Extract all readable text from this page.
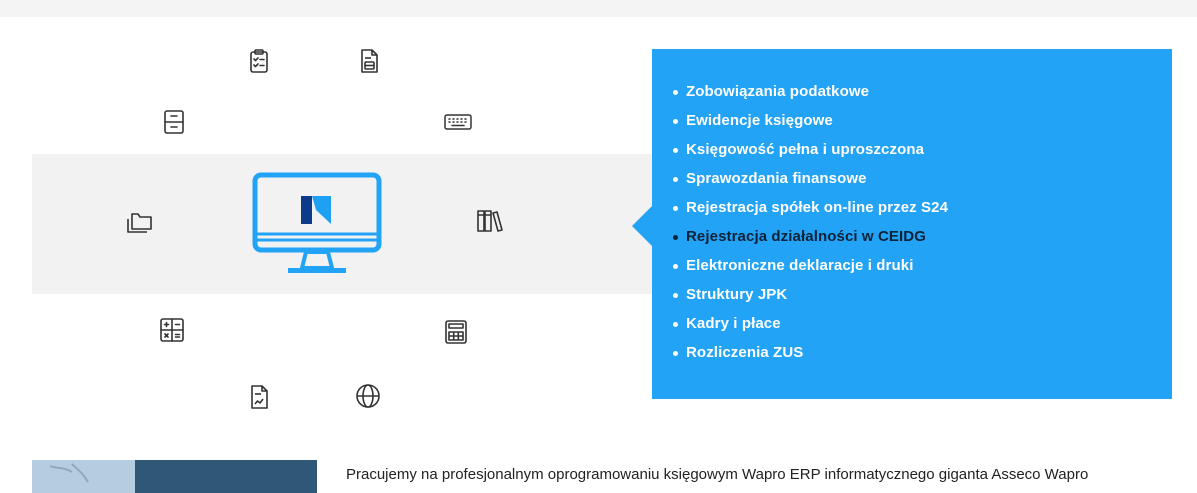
Zobowiązania podatkowe
Ewidencje księgowe
Księgowość pełna i uproszczona
Sprawozdania finansowe
Rejestracja spółek on-line przez S24
Rejestracja działalności w CEIDG
Elektroniczne deklaracje i druki
Struktury JPK
Kadry i płace
Rozliczenia ZUS

Pracujemy na profesjonalnym oprogramowaniu księgowym Wapro ERP informatycznego giganta Asseco Wapro
